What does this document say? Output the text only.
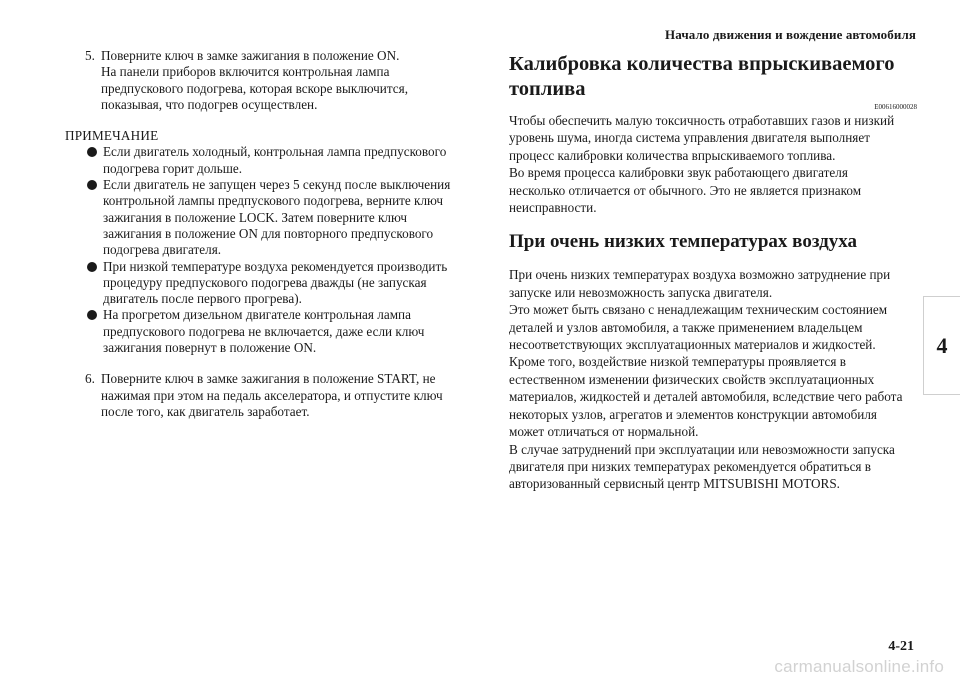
Начало движения и вождение автомобиля
5. Поверните ключ в замке зажигания в положение ON.
На панели приборов включится контрольная лампа
предпускового подогрева, которая вскоре выключится,
показывая, что подогрев осуществлен.
ПРИМЕЧАНИЕ
Если двигатель холодный, контрольная лампа предпускового
подогрева горит дольше.
Если двигатель не запущен через 5 секунд после выключения
контрольной лампы предпускового подогрева, верните ключ
зажигания в положение LOCK. Затем поверните ключ
зажигания в положение ON для повторного предпускового
подогрева двигателя.
При низкой температуре воздуха рекомендуется производить
процедуру предпускового подогрева дважды (не запуская
двигатель после первого прогрева).
На прогретом дизельном двигателе контрольная лампа
предпускового подогрева не включается, даже если ключ
зажигания повернут в положение ON.
6. Поверните ключ в замке зажигания в положение START, не
нажимая при этом на педаль акселератора, и отпустите ключ
после того, как двигатель заработает.
Калибровка количества впрыскиваемого
топлива
E00616000028

Чтобы обеспечить малую токсичность отработавших газов и низкий
уровень шума, иногда система управления двигателя выполняет
процесс калибровки количества впрыскиваемого топлива.
Во время процесса калибровки звук работающего двигателя
несколько отличается от обычного. Это не является признаком
неисправности.

При очень низких температурах воздуха

При очень низких температурах воздуха возможно затруднение при
запуске или невозможность запуска двигателя.
Это может быть связано с ненадлежащим техническим состоянием
деталей и узлов автомобиля, а также применением владельцем
несоответствующих эксплуатационных материалов и жидкостей.
Кроме того, воздействие низкой температуры проявляется в
естественном изменении физических свойств эксплуатационных
материалов, жидкостей и деталей автомобиля, вследствие чего работа
некоторых узлов, агрегатов и элементов конструкции автомобиля
может отличаться от нормальной.
В случае затруднений при эксплуатации или невозможности запуска
двигателя при низких температурах рекомендуется обратиться в
авторизованный сервисный центр MITSUBISHI MOTORS.

4
4-21
carmanualsonline.info
